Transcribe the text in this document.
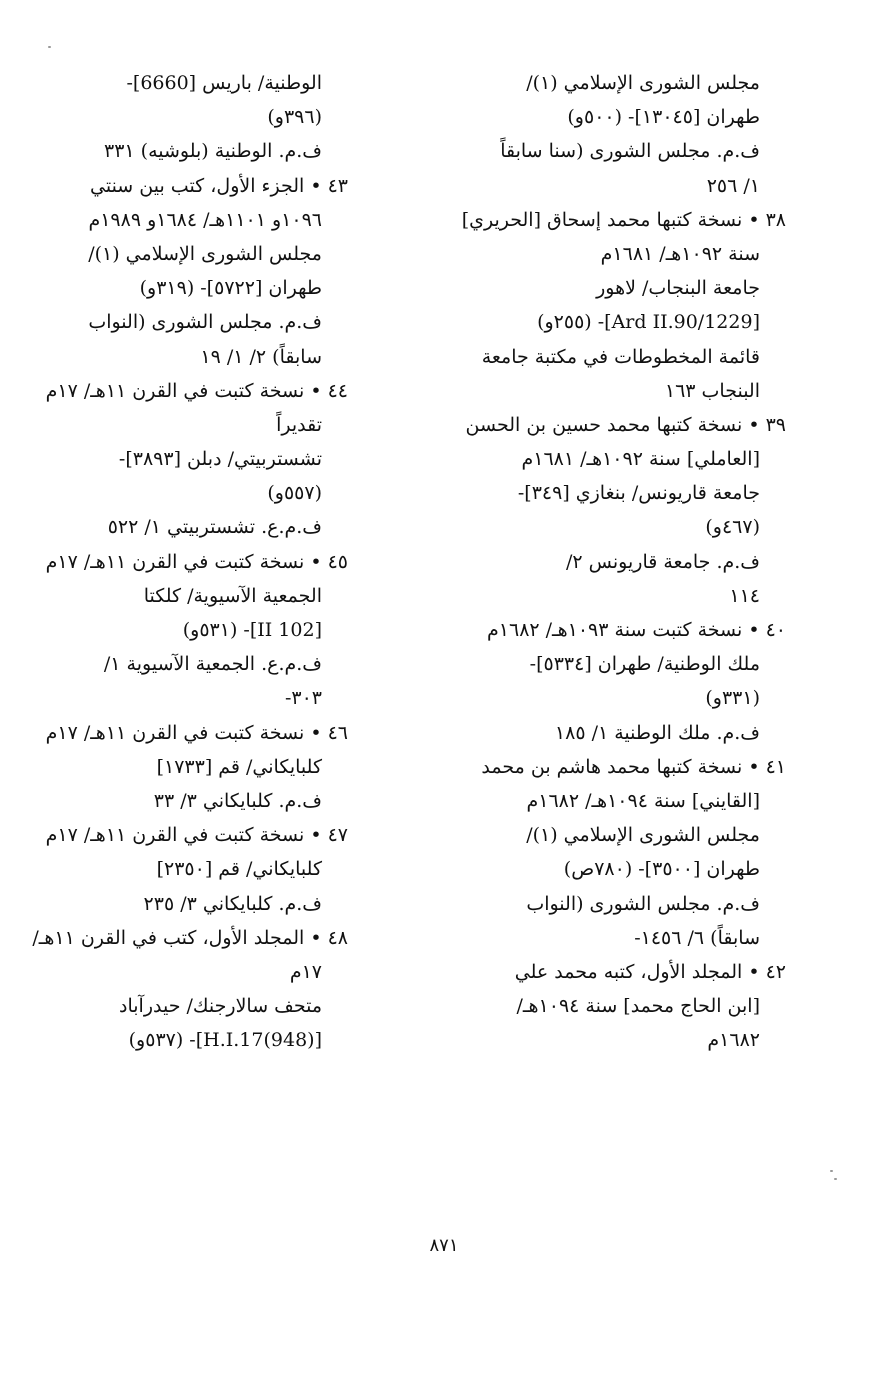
مجلس الشورى الإسلامي (١)/
طهران [١٣٠٤٥]- (٥٠٠و)
ف.م. مجلس الشورى (سنا سابقاً
١/ ٢٥٦
٣٨ • نسخة كتبها محمد إسحاق [الحريري]
سنة ١٠٩٢هـ/ ١٦٨١م
جامعة البنجاب/ لاهور
[Ard II.90/1229]- (٢٥٥و)
قائمة المخطوطات في مكتبة جامعة
البنجاب ١٦٣
٣٩ • نسخة كتبها محمد حسين بن الحسن
[العاملي] سنة ١٠٩٢هـ/ ١٦٨١م
جامعة قاريونس/ بنغازي [٣٤٩]-
(٤٦٧و)
ف.م. جامعة قاريونس ٢/
١١٤
٤٠ • نسخة كتبت سنة ١٠٩٣هـ/ ١٦٨٢م
ملك الوطنية/ طهران [٥٣٣٤]-
(٣٣١و)
ف.م. ملك الوطنية ١/ ١٨٥
٤١ • نسخة كتبها محمد هاشم بن محمد
[القايني] سنة ١٠٩٤هـ/ ١٦٨٢م
مجلس الشورى الإسلامي (١)/
طهران [٣٥٠٠]- (٧٨٠ص)
ف.م. مجلس الشورى (النواب
سابقاً) ٦/ ١٤٥٦-
٤٢ • المجلد الأول، كتبه محمد علي
[ابن الحاج محمد] سنة ١٠٩٤هـ/
١٦٨٢م
الوطنية/ باريس [6660]-
(٣٩٦و)
ف.م. الوطنية (بلوشيه) ٣٣١
٤٣ • الجزء الأول، كتب بين سنتي
١٠٩٦و ١١٠١هـ/ ١٦٨٤و ١٩٨٩م
مجلس الشورى الإسلامي (١)/
طهران [٥٧٢٢]- (٣١٩و)
ف.م. مجلس الشورى (النواب
سابقاً) ٢/ ١/ ١٩
٤٤ • نسخة كتبت في القرن ١١هـ/ ١٧م
تقديراً
تشستربيتي/ دبلن [٣٨٩٣]-
(٥٥٧و)
ف.م.ع. تشستربيتي ١/ ٥٢٢
٤٥ • نسخة كتبت في القرن ١١هـ/ ١٧م
الجمعية الآسيوية/ كلكتا
[II 102]- (٥٣١و)
ف.م.ع. الجمعية الآسيوية ١/
٣٠٣-
٤٦ • نسخة كتبت في القرن ١١هـ/ ١٧م
كلبايكاني/ قم [١٧٣٣]
ف.م. كلبايكاني ٣/ ٣٣
٤٧ • نسخة كتبت في القرن ١١هـ/ ١٧م
كلبايكاني/ قم [٢٣٥٠]
ف.م. كلبايكاني ٣/ ٢٣٥
٤٨ • المجلد الأول، كتب في القرن ١١هـ/
١٧م
متحف سالارجنك/ حيدرآباد
[H.I.17(948)]- (٥٣٧و)
٨٧١
